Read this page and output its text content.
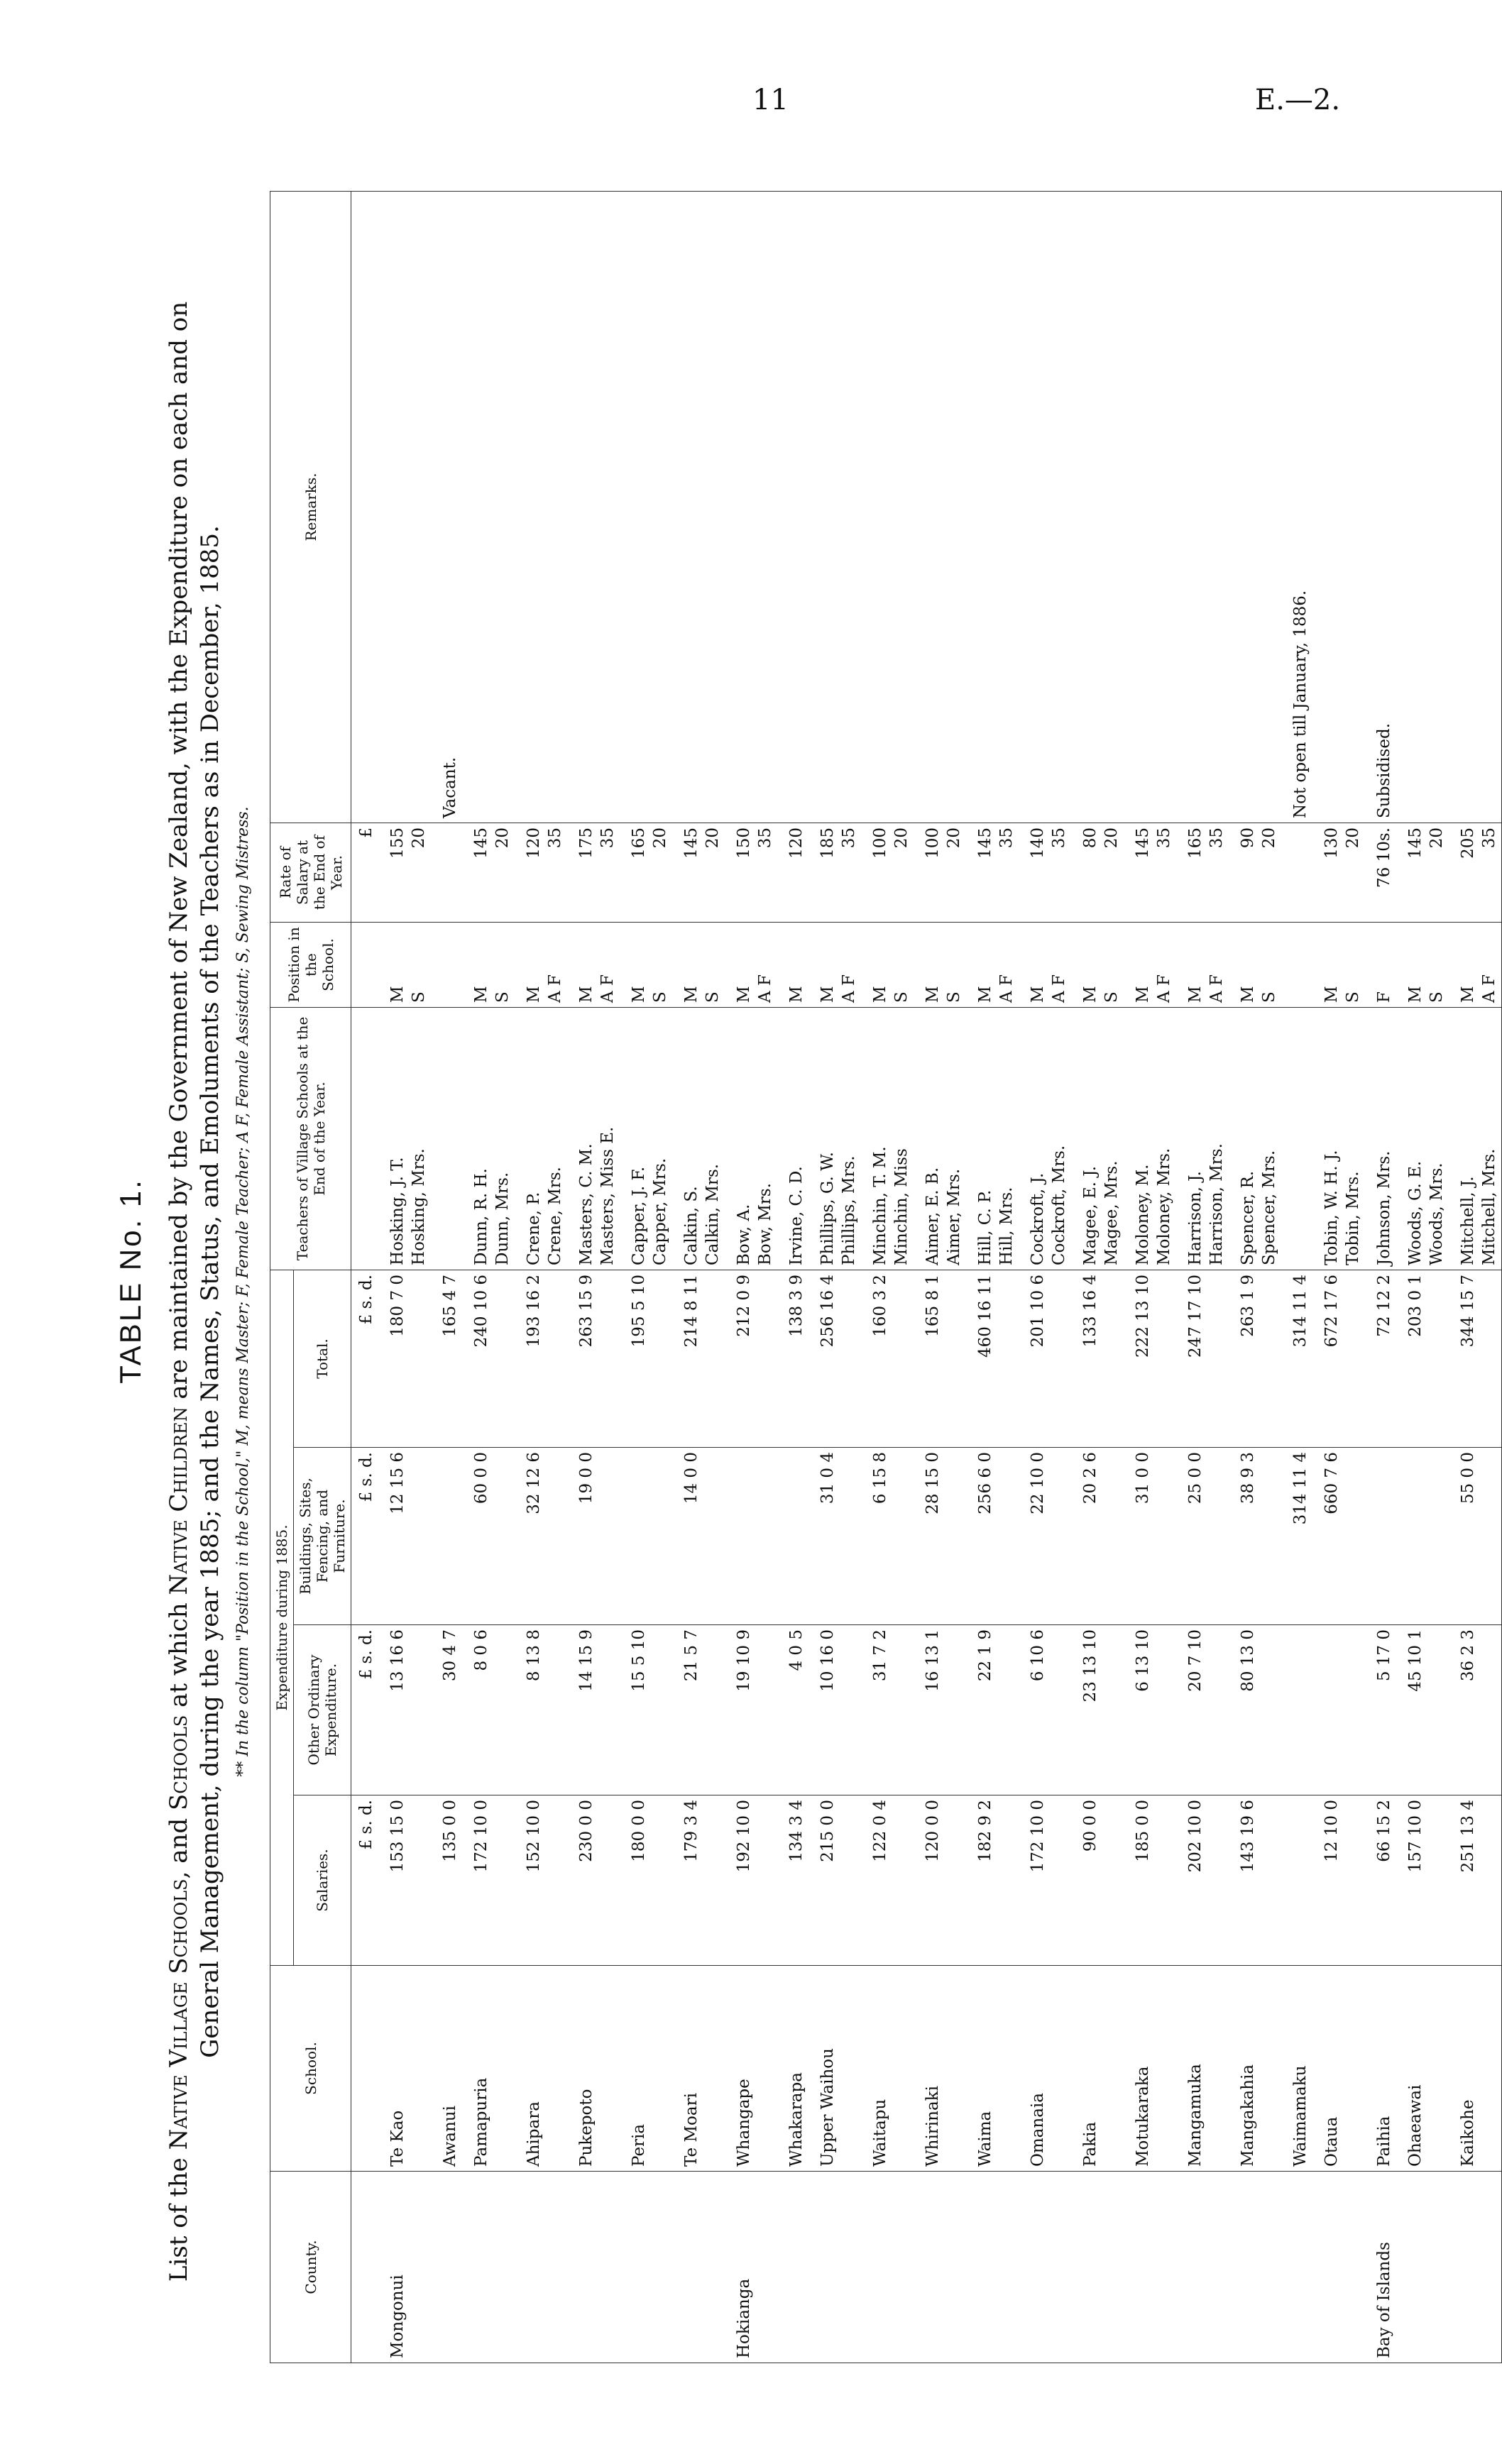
11	E.—2.
TABLE No. 1.
List of the Native Village Schools, and Schools at which Native Children are maintained by the Government of New Zealand, with the Expenditure on each and on General Management, during the year 1885; and the Names, Status, and Emoluments of the Teachers as in December, 1885. ** In the column "Position in the School," M, means Master; F, Female Teacher; A F, Female Assistant; S, Sewing Mistress.
County.	School.	Expenditure during 1885.				Teachers of Village Schools at the End of the Year.	Position in the School.	Rate of Salary at the End of Year.	Remarks.
		Salaries.	Other Ordinary Expenditure.	Buildings, Sites, Fencing, and Furniture.	Total.				
		£ s. d.	£ s. d.	£ s. d.	£ s. d.			£	
Mongonui	Te Kao	153 15 0	13 16 6	12 15 6	180 7 0	Hosking, J. T.	M	155	
						Hosking, Mrs.	S	20	
	Awanui	135 0 0	30 4 7		165 4 7				Vacant.
	Pamapuria	172 10 0	8 0 6	60 0 0	240 10 6	Dunn, R. H.	M	145	
						Dunn, Mrs.	S	20	
	Ahipara	152 10 0	8 13 8	32 12 6	193 16 2	Crene, P.	M	120	
						Crene, Mrs.	A F	35	
	Pukepoto	230 0 0	14 15 9	19 0 0	263 15 9	Masters, C. M.	M	175	
						Masters, Miss E.	A F	35	
	Peria	180 0 0	15 5 10		195 5 10	Capper, J. F.	M	165	
						Capper, Mrs.	S	20	
	Te Moari	179 3 4	21 5 7	14 0 0	214 8 11	Calkin, S.	M	145	
						Calkin, Mrs.	S	20	
Hokianga	Whangape	192 10 0	19 10 9		212 0 9	Bow, A.	M	150	
						Bow, Mrs.	A F	35	
	Whakarapa	134 3 4	4 0 5		138 3 9	Irvine, C. D.	M	120	
	Upper Waihou	215 0 0	10 16 0	31 0 4	256 16 4	Phillips, G. W.	M	185	
						Phillips, Mrs.	A F	35	
	Waitapu	122 0 4	31 7 2	6 15 8	160 3 2	Minchin, T. M.	M	100	
						Minchin, Miss	S	20	
	Whirinaki	120 0 0	16 13 1	28 15 0	165 8 1	Aimer, E. B.	M	100	
						Aimer, Mrs.	S	20	
	Waima	182 9 2	22 1 9	256 6 0	460 16 11	Hill, C. P.	M	145	
						Hill, Mrs.	A F	35	
	Omanaia	172 10 0	6 10 6	22 10 0	201 10 6	Cockroft, J.	M	140	
						Cockroft, Mrs.	A F	35	
	Pakia	90 0 0	23 13 10	20 2 6	133 16 4	Magee, E. J.	M	80	
						Magee, Mrs.	S	20	
	Motukaraka	185 0 0	6 13 10	31 0 0	222 13 10	Moloney, M.	M	145	
						Moloney, Mrs.	A F	35	
	Mangamuka	202 10 0	20 7 10	25 0 0	247 17 10	Harrison, J.	M	165	
						Harrison, Mrs.	A F	35	
	Mangakahia	143 19 6	80 13 0	38 9 3	263 1 9	Spencer, R.	M	90	
						Spencer, Mrs.	S	20	
	Waimamaku			314 11 4	314 11 4				Not open till January, 1886.
	Otaua	12 10 0		660 7 6	672 17 6	Tobin, W. H. J.	M	130	
						Tobin, Mrs.	S	20	
Bay of Islands	Paihia	66 15 2	5 17 0		72 12 2	Johnson, Mrs.	F	76 10s.	Subsidised.
	Ohaeawai	157 10 0	45 10 1		203 0 1	Woods, G. E.	M	145	
						Woods, Mrs.	S	20	
	Kaikohe	251 13 4	36 2 3	55 0 0	344 15 7	Mitchell, J.	M	205	
						Mitchell, Mrs.	A F	35	
